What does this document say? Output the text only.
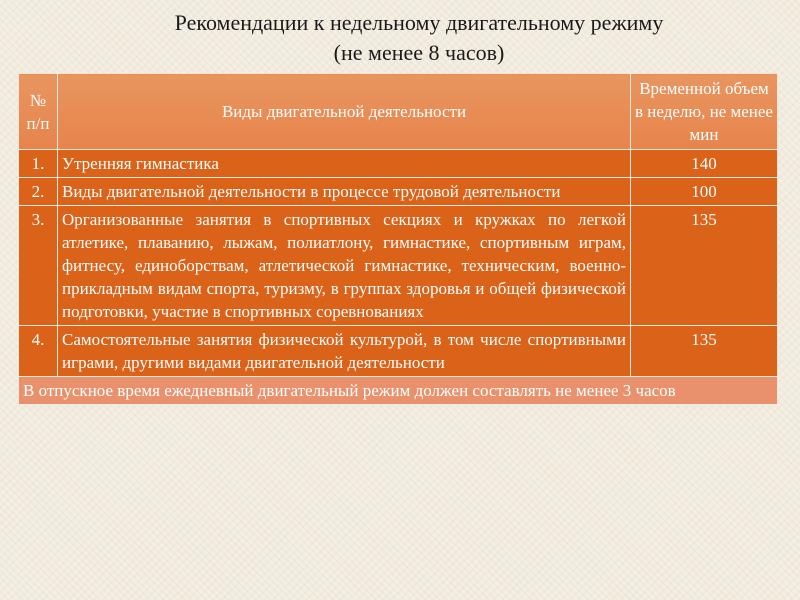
Рекомендации к недельному двигательному режиму
(не менее 8 часов)
№ п/п	Виды двигательной деятельности	Временной объем в неделю, не менее мин
1.	Утренняя гимнастика	140
2.	Виды двигательной деятельности в процессе трудовой деятельности	100
3.	Организованные занятия в спортивных секциях и кружках по легкой атлетике, плаванию, лыжам, полиатлону, гимнастике, спортивным играм, фитнесу, единоборствам, атлетической гимнастике, техническим, военно-прикладным видам спорта, туризму, в группах здоровья и общей физической подготовки, участие в спортивных соревнованиях	135
4.	Самостоятельные занятия физической культурой, в том числе спортивными играми, другими видами двигательной деятельности	135
В отпускное время ежедневный двигательный режим должен составлять не менее 3 часов		
